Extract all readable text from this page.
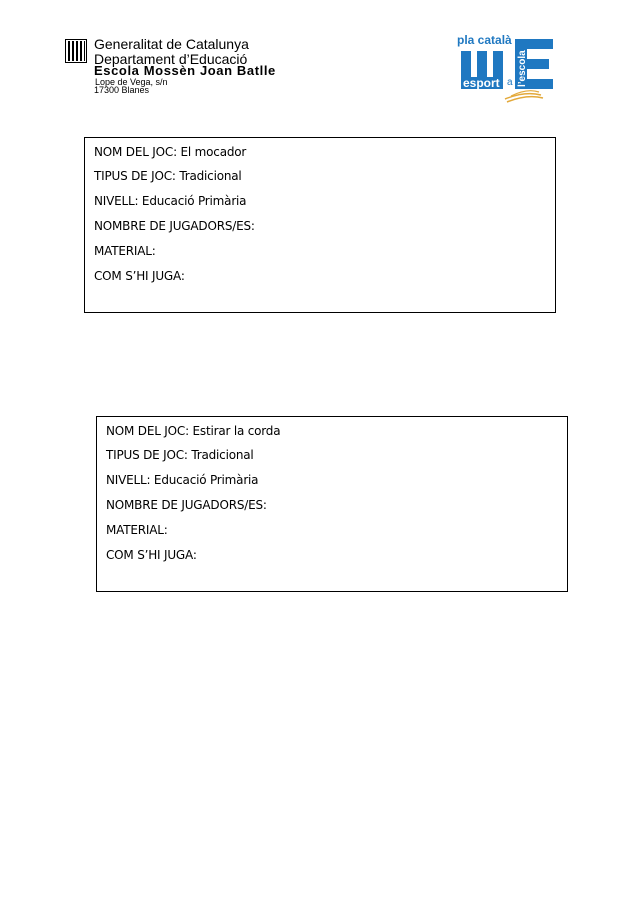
Generalitat de Catalunya
Departament d’Educació
Escola Mossèn Joan Batlle
Lope de Vega, s/n
17300 Blanes
pla català
esport a l’escola
NOM DEL JOC: El mocador
TIPUS DE JOC: Tradicional
NIVELL: Educació Primària
NOMBRE DE JUGADORS/ES:
MATERIAL:
COM S’HI JUGA:
NOM DEL JOC: Estirar la corda
TIPUS DE JOC: Tradicional
NIVELL: Educació Primària
NOMBRE DE JUGADORS/ES:
MATERIAL:
COM S’HI JUGA:
